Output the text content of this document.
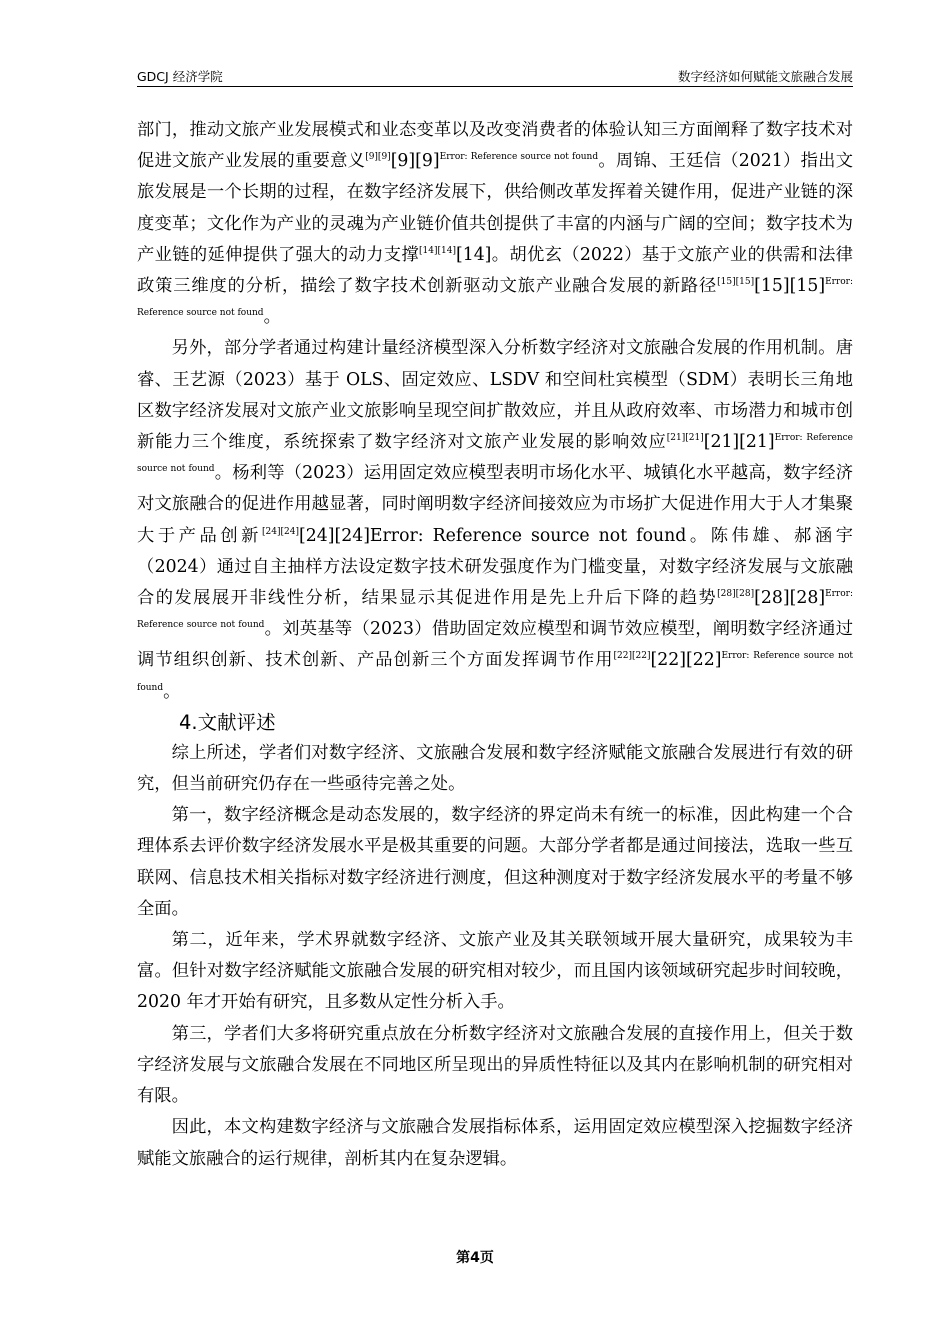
GDCJ 经济学院	数字经济如何赋能文旅融合发展

部门，推动文旅产业发展模式和业态变革以及改变消费者的体验认知三方面阐释了数字技术对促进文旅产业发展的重要意义$[9][9][9][9]^{Error: Reference source not found}$。周锦、王廷信（2021）指出文旅发展是一个长期的过程，在数字经济发展下，供给侧改革发挥着关键作用，促进产业链的深度变革；文化作为产业的灵魂为产业链价值共创提供了丰富的内涵与广阔的空间；数字技术为产业链的延伸提供了强大的动力支撑[14][14][14]。胡优玄（2022）基于文旅产业的供需和法律政策三维度的分析，描绘了数字技术创新驱动文旅产业融合发展的新路径$[15][15][15][15]^{Error: Reference source not found}$。

另外，部分学者通过构建计量经济模型深入分析数字经济对文旅融合发展的作用机制。唐睿、王艺源（2023）基于 OLS、固定效应、LSDV 和空间杜宾模型（SDM）表明长三角地区数字经济发展对文旅产业文旅影响呈现空间扩散效应，并且从政府效率、市场潜力和城市创新能力三个维度，系统探索了数字经济对文旅产业发展的影响效应$[21][21][21][21]^{Error: Reference source not found}$。杨利等（2023）运用固定效应模型表明市场化水平、城镇化水平越高，数字经济对文旅融合的促进作用越显著，同时阐明数字经济间接效应为市场扩大促进作用大于人才集聚大于产品创新[24][24][24][24]Error: Reference source not found。陈伟雄、郝涵宇（2024）通过自主抽样方法设定数字技术研发强度作为门槛变量，对数字经济发展与文旅融合的发展展开非线性分析，结果显示其促进作用是先上升后下降的趋势$[28][28][28][28]^{Error: Reference source not found}$。刘英基等（2023）借助固定效应模型和调节效应模型，阐明数字经济通过调节组织创新、技术创新、产品创新三个方面发挥调节作用$[22][22][22][22]^{Error: Reference source not found}$。

4.文献评述

综上所述，学者们对数字经济、文旅融合发展和数字经济赋能文旅融合发展进行有效的研究，但当前研究仍存在一些亟待完善之处。

第一，数字经济概念是动态发展的，数字经济的界定尚未有统一的标准，因此构建一个合理体系去评价数字经济发展水平是极其重要的问题。大部分学者都是通过间接法，选取一些互联网、信息技术相关指标对数字经济进行测度，但这种测度对于数字经济发展水平的考量不够全面。

第二，近年来，学术界就数字经济、文旅产业及其关联领域开展大量研究，成果较为丰富。但针对数字经济赋能文旅融合发展的研究相对较少，而且国内该领域研究起步时间较晚，2020 年才开始有研究，且多数从定性分析入手。

第三，学者们大多将研究重点放在分析数字经济对文旅融合发展的直接作用上，但关于数字经济发展与文旅融合发展在不同地区所呈现出的异质性特征以及其内在影响机制的研究相对有限。

因此，本文构建数字经济与文旅融合发展指标体系，运用固定效应模型深入挖掘数字经济赋能文旅融合的运行规律，剖析其内在复杂逻辑。

第4页
